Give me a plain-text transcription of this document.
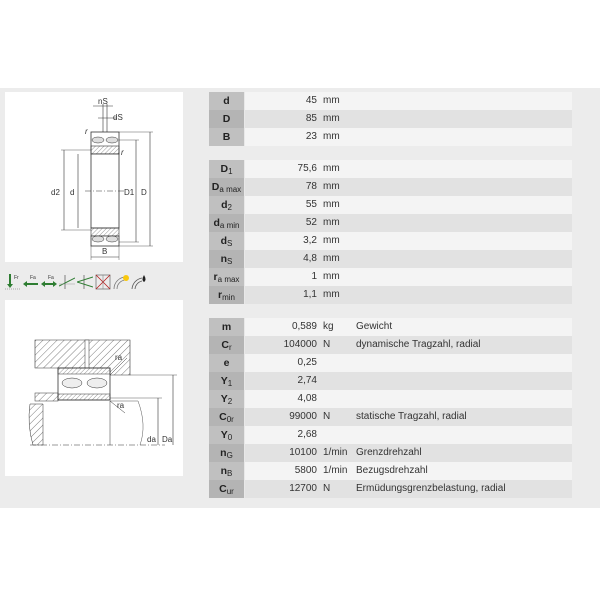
nS
dS
r
r
d2 d	D1 D
B
Fr Fa Fa
ra
ra
da Da
d	45 mm
D	85 mm
B	23 mm
$D_1$	75,6 mm
$D_{a max}$	78 mm
$d_2$	55 mm
$d_{a min}$	52 mm
$d_S$	3,2 mm
$n_S$	4,8 mm
$r_{a max}$	1 mm
$r_{min}$	1,1 mm
m	0,589 kg	Gewicht
$C_r$	104000 N	dynamische Tragzahl, radial
e	0,25
$Y_1$	2,74
$Y_2$	4,08
$C_{0r}$	99000 N	statische Tragzahl, radial
$Y_0$	2,68
$n_G$	10100 1/min Grenzdrehzahl
$n_B$	5800 1/min Bezugsdrehzahl
$C_{ur}$	12700 N	Ermüdungsgrenzbelastung, radial
